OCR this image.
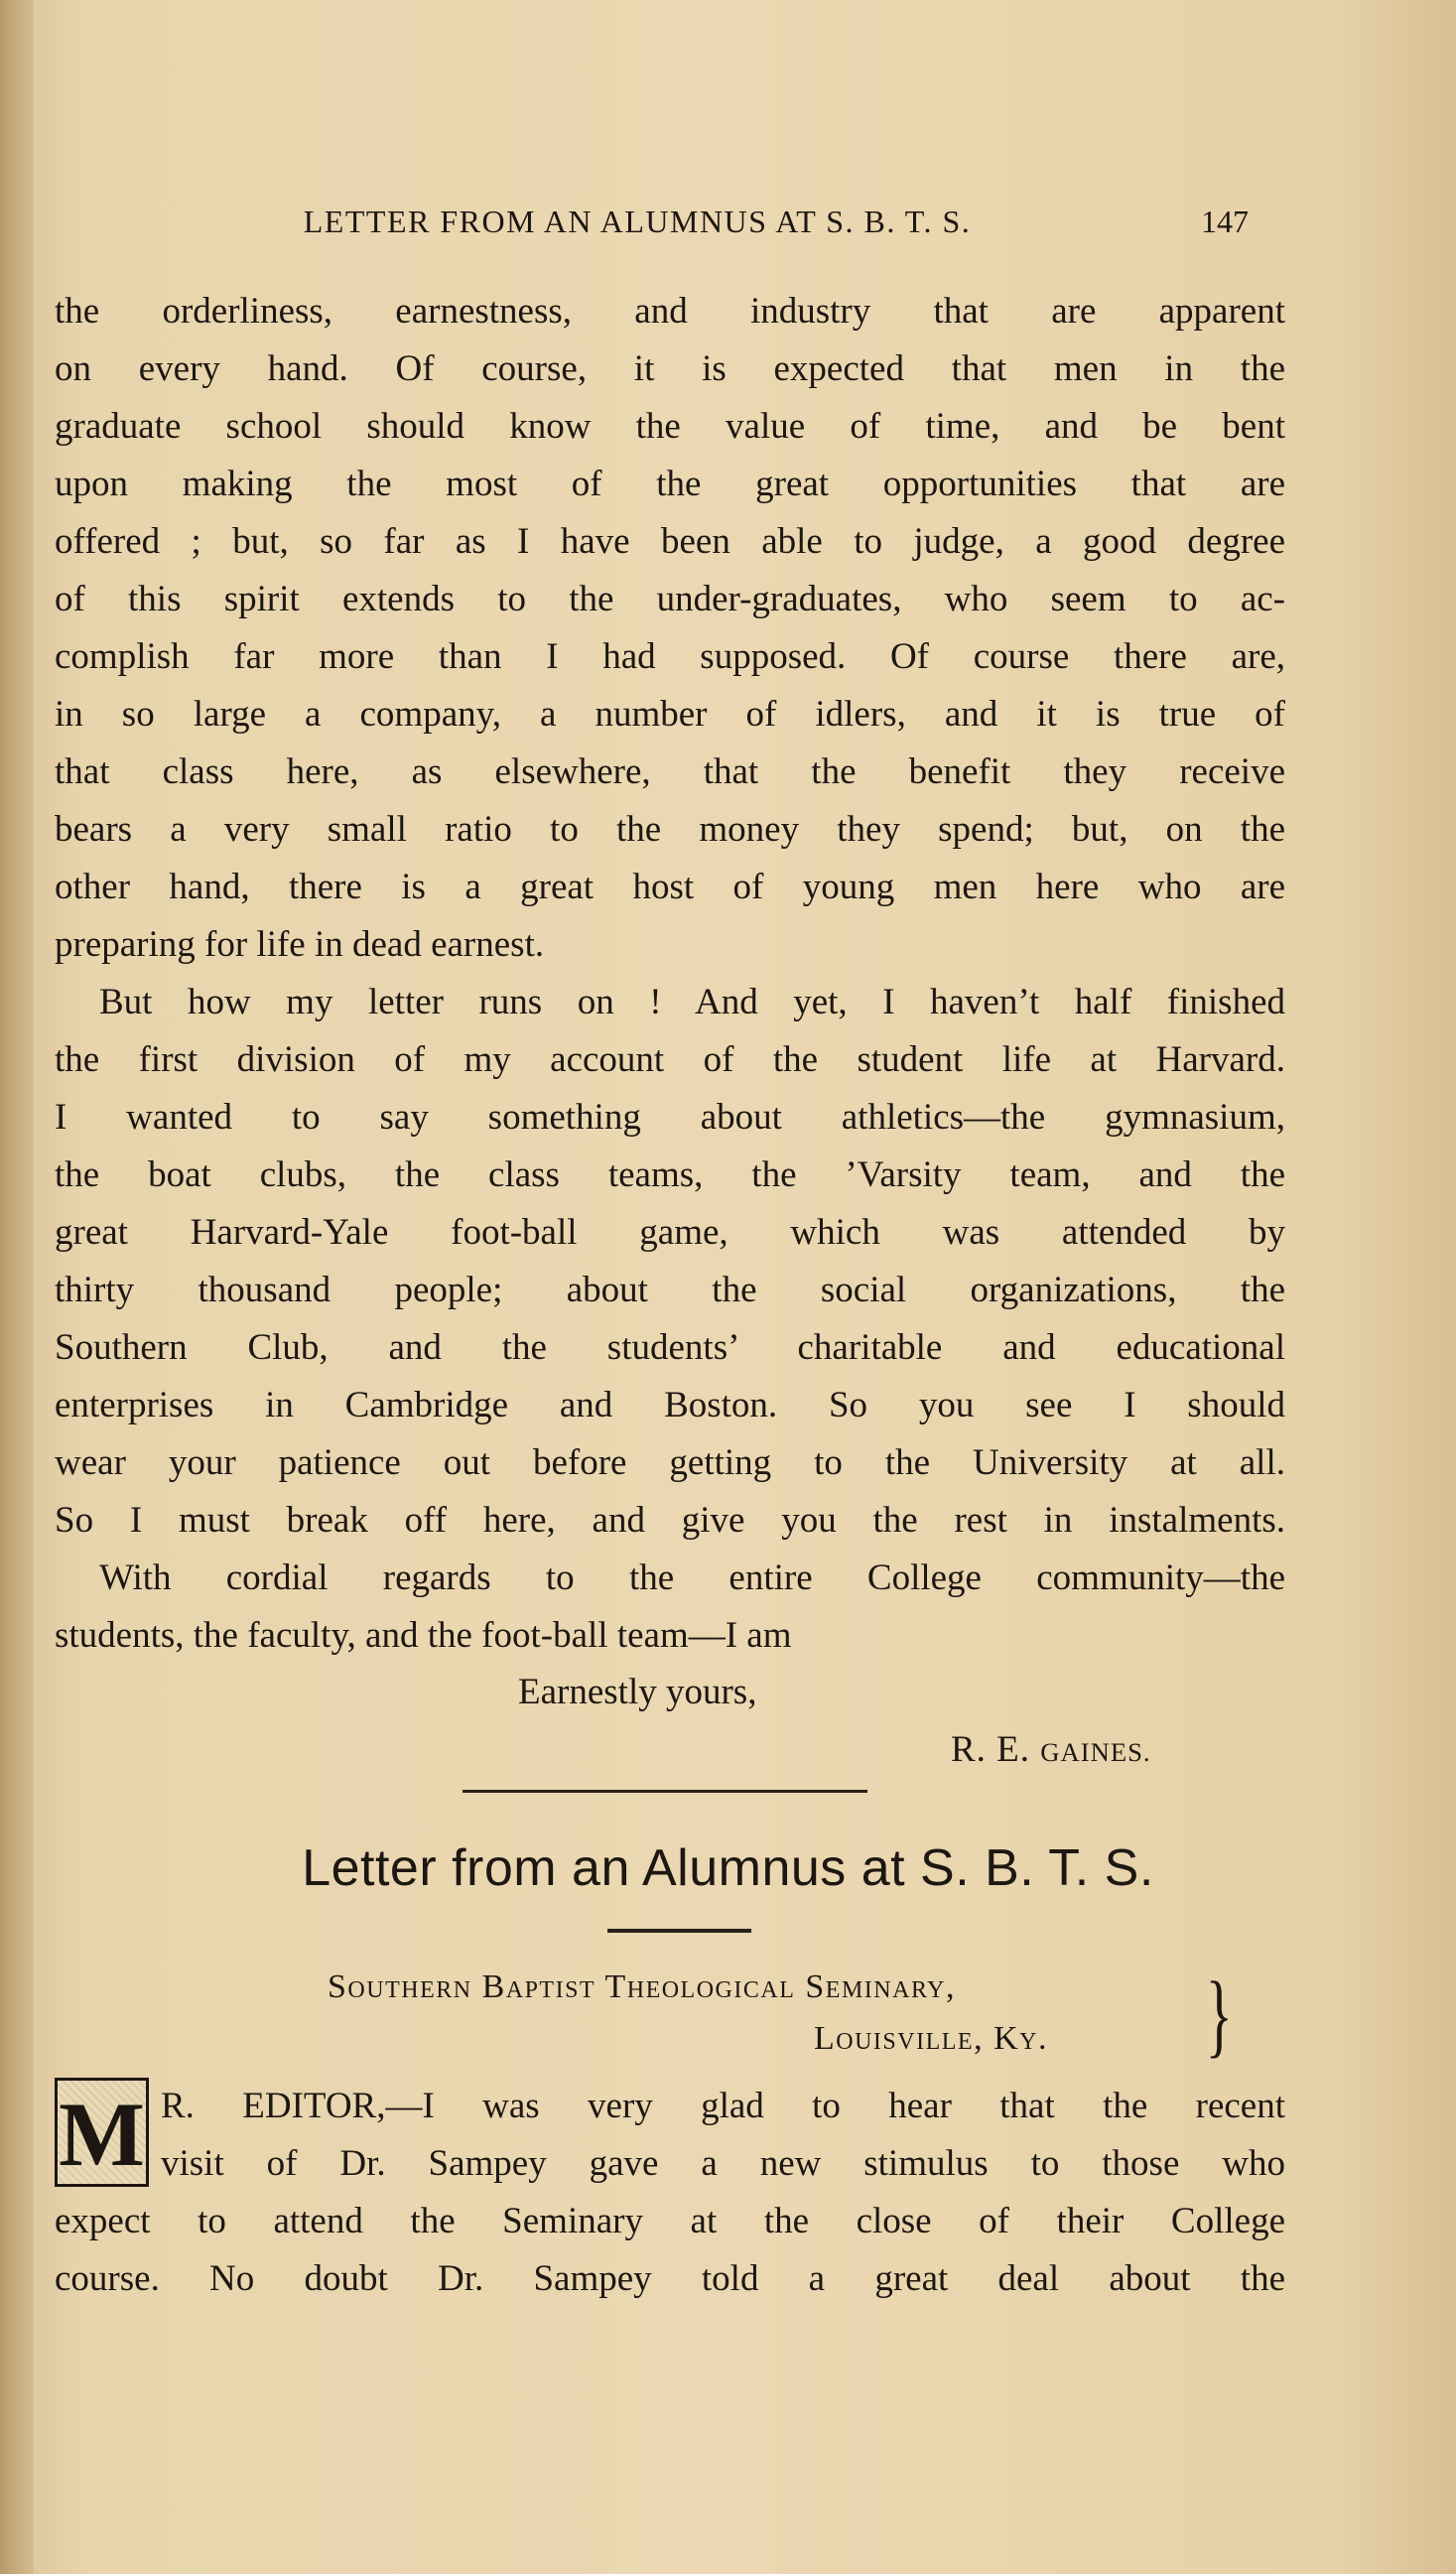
LETTER FROM AN ALUMNUS AT S. B. T. S.	147
the orderliness, earnestness, and industry that are apparent
on every hand. Of course, it is expected that men in the
graduate school should know the value of time, and be bent
upon making the most of the great opportunities that are
offered ; but, so far as I have been able to judge, a good degree
of this spirit extends to the under-graduates, who seem to ac-
complish far more than I had supposed. Of course there are,
in so large a company, a number of idlers, and it is true of
that class here, as elsewhere, that the benefit they receive
bears a very small ratio to the money they spend; but, on the
other hand, there is a great host of young men here who are
preparing for life in dead earnest.
But how my letter runs on ! And yet, I haven’t half finished
the first division of my account of the student life at Harvard.
I wanted to say something about athletics—the gymnasium,
the boat clubs, the class teams, the ’Varsity team, and the
great Harvard-Yale foot-ball game, which was attended by
thirty thousand people; about the social organizations, the
Southern Club, and the students’ charitable and educational
enterprises in Cambridge and Boston. So you see I should
wear your patience out before getting to the University at all.
So I must break off here, and give you the rest in instalments.
With cordial regards to the entire College community—the
students, the faculty, and the foot-ball team—I am
Earnestly yours,
R. E. GAINES.
Letter from an Alumnus at S. B. T. S.
Southern Baptist Theological Seminary,
Louisville, Ky. }
M R. EDITOR,—I was very glad to hear that the recent
visit of Dr. Sampey gave a new stimulus to those who
expect to attend the Seminary at the close of their College
course. No doubt Dr. Sampey told a great deal about the
